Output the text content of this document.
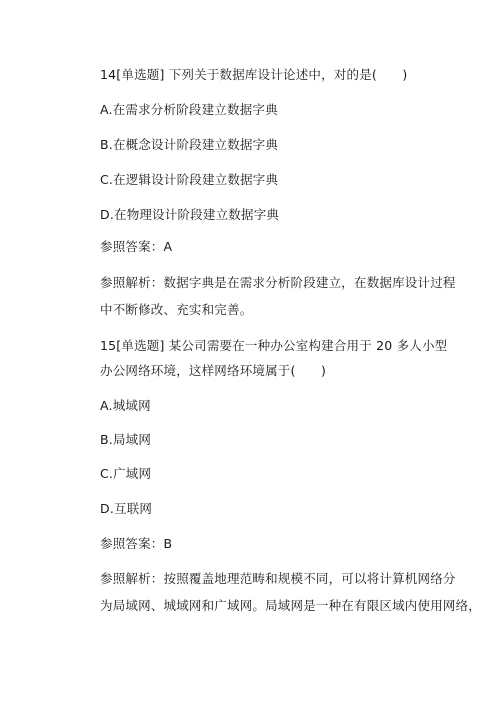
14[单选题] 下列关于数据库设计论述中，对的是(　　)
A.在需求分析阶段建立数据字典
B.在概念设计阶段建立数据字典
C.在逻辑设计阶段建立数据字典
D.在物理设计阶段建立数据字典
参照答案：A
参照解析：数据字典是在需求分析阶段建立，在数据库设计过程
中不断修改、充实和完善。
15[单选题] 某公司需要在一种办公室构建合用于 20 多人小型
办公网络环境，这样网络环境属于(　　)
A.城域网
B.局域网
C.广域网
D.互联网
参照答案：B
参照解析：按照覆盖地理范畴和规模不同，可以将计算机网络分
为局域网、城域网和广域网。局域网是一种在有限区域内使用网络，
